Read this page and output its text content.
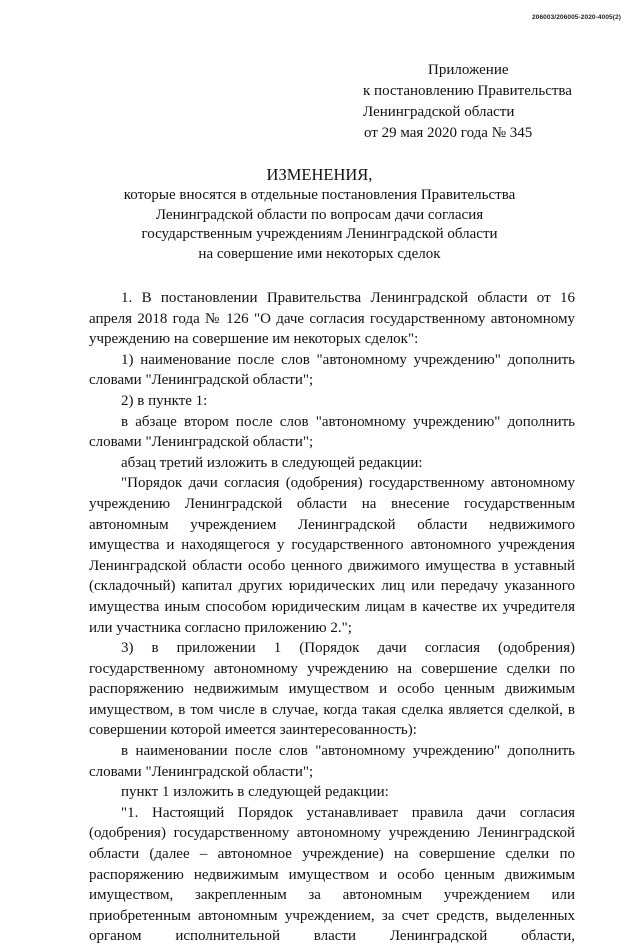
206003/206005-2020-4005(2)
Приложение
к постановлению Правительства
Ленинградской области
от 29 мая 2020 года № 345
ИЗМЕНЕНИЯ,
которые вносятся в отдельные постановления Правительства
Ленинградской области по вопросам дачи согласия
государственным учреждениям Ленинградской области
на совершение ими некоторых сделок

1. В постановлении Правительства Ленинградской области от 16 апреля 2018 года № 126 "О даче согласия государственному автономному учреждению на совершение им некоторых сделок":

1) наименование после слов "автономному учреждению" дополнить словами "Ленинградской области";

2) в пункте 1:

в абзаце втором после слов "автономному учреждению" дополнить словами "Ленинградской области";

абзац третий изложить в следующей редакции:

"Порядок дачи согласия (одобрения) государственному автономному учреждению Ленинградской области на внесение государственным автономным учреждением Ленинградской области недвижимого имущества и находящегося у государственного автономного учреждения Ленинградской области особо ценного движимого имущества в уставный (складочный) капитал других юридических лиц или передачу указанного имущества иным способом юридическим лицам в качестве их учредителя или участника согласно приложению 2.";

3) в приложении 1 (Порядок дачи согласия (одобрения) государственному автономному учреждению на совершение сделки по распоряжению недвижимым имуществом и особо ценным движимым имуществом, в том числе в случае, когда такая сделка является сделкой, в совершении которой имеется заинтересованность):

в наименовании после слов "автономному учреждению" дополнить словами "Ленинградской области";

пункт 1 изложить в следующей редакции:

"1. Настоящий Порядок устанавливает правила дачи согласия (одобрения) государственному автономному учреждению Ленинградской области (далее – автономное учреждение) на совершение сделки по распоряжению недвижимым имуществом и особо ценным движимым имуществом, закрепленным за автономным учреждением или приобретенным автономным учреждением, за счет средств, выделенных органом исполнительной власти Ленинградской области,
